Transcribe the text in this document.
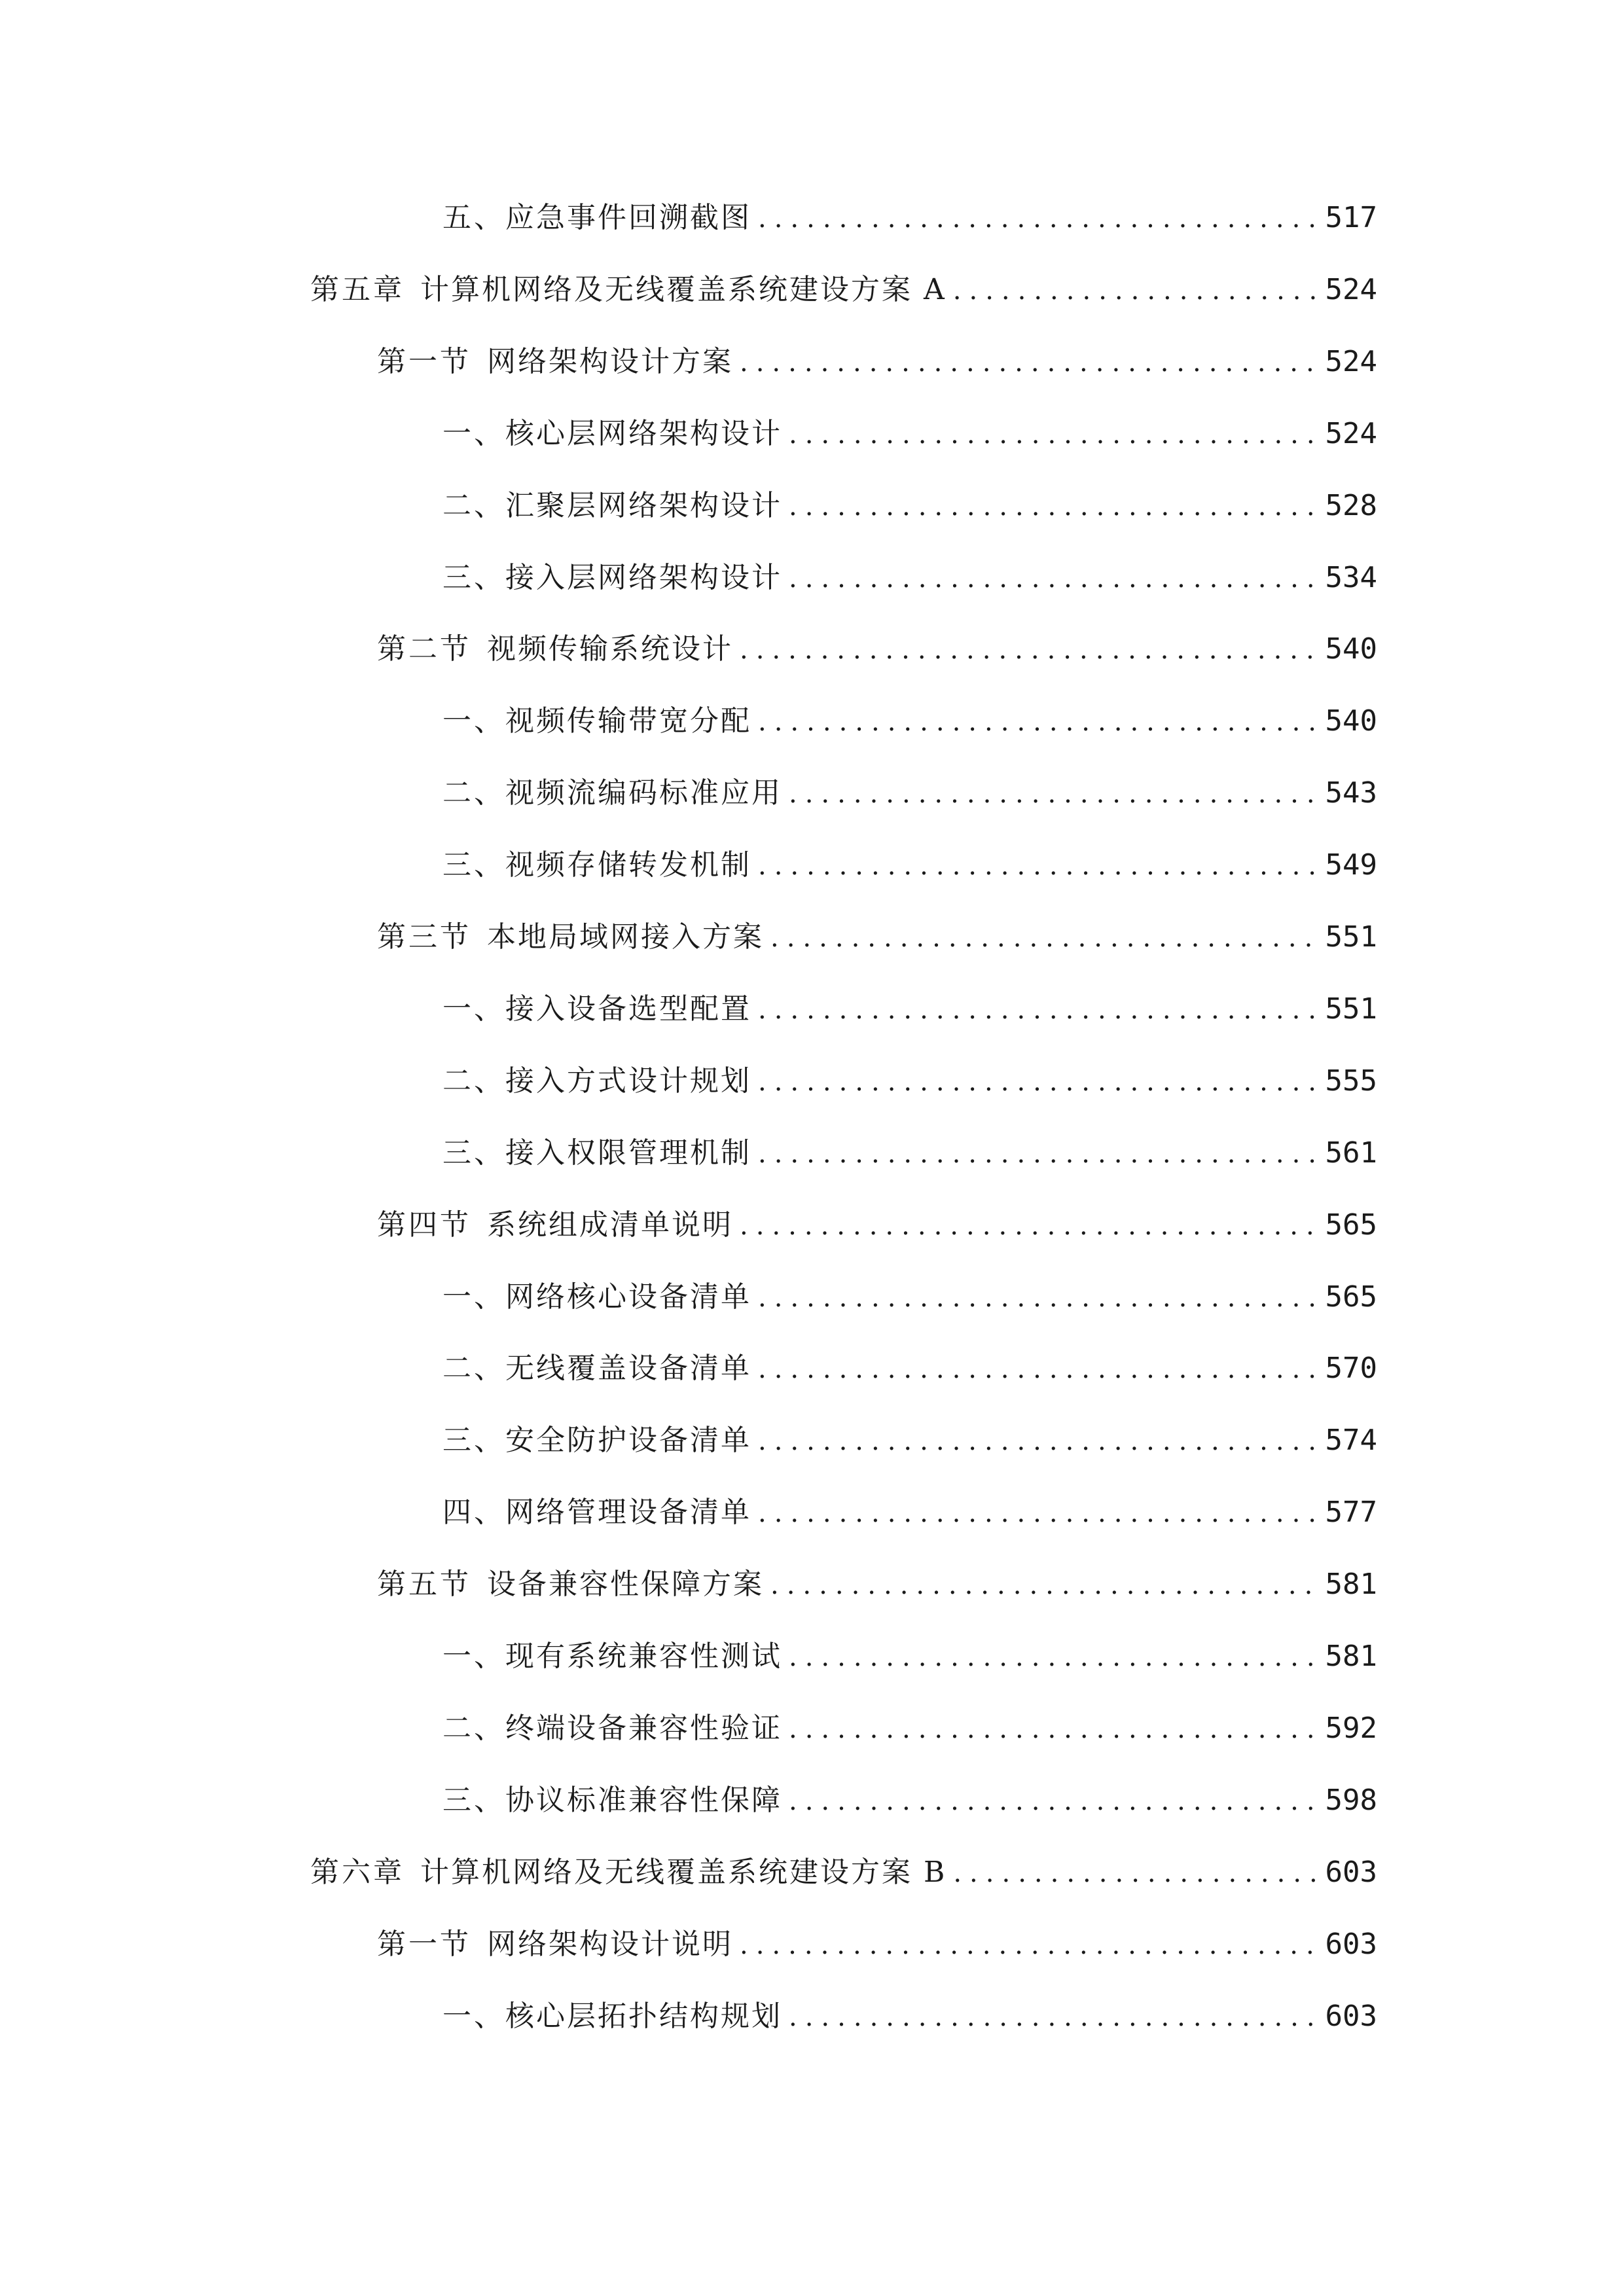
五、 应急事件回溯截图 .....	517
第五章 计算机网络及无线覆盖系统建设方案 A .....	524
第一节 网络架构设计方案 .....	524
一、 核心层网络架构设计 .....	524
二、 汇聚层网络架构设计 .....	528
三、 接入层网络架构设计 .....	534
第二节 视频传输系统设计 .....	540
一、 视频传输带宽分配 .....	540
二、 视频流编码标准应用 .....	543
三、 视频存储转发机制 .....	549
第三节 本地局域网接入方案 .....	551
一、 接入设备选型配置 .....	551
二、 接入方式设计规划 .....	555
三、 接入权限管理机制 .....	561
第四节 系统组成清单说明 .....	565
一、 网络核心设备清单 .....	565
二、 无线覆盖设备清单 .....	570
三、 安全防护设备清单 .....	574
四、 网络管理设备清单 .....	577
第五节 设备兼容性保障方案 .....	581
一、 现有系统兼容性测试 .....	581
二、 终端设备兼容性验证 .....	592
三、 协议标准兼容性保障 .....	598
第六章 计算机网络及无线覆盖系统建设方案 B .....	603
第一节 网络架构设计说明 .....	603
一、 核心层拓扑结构规划 .....	603
